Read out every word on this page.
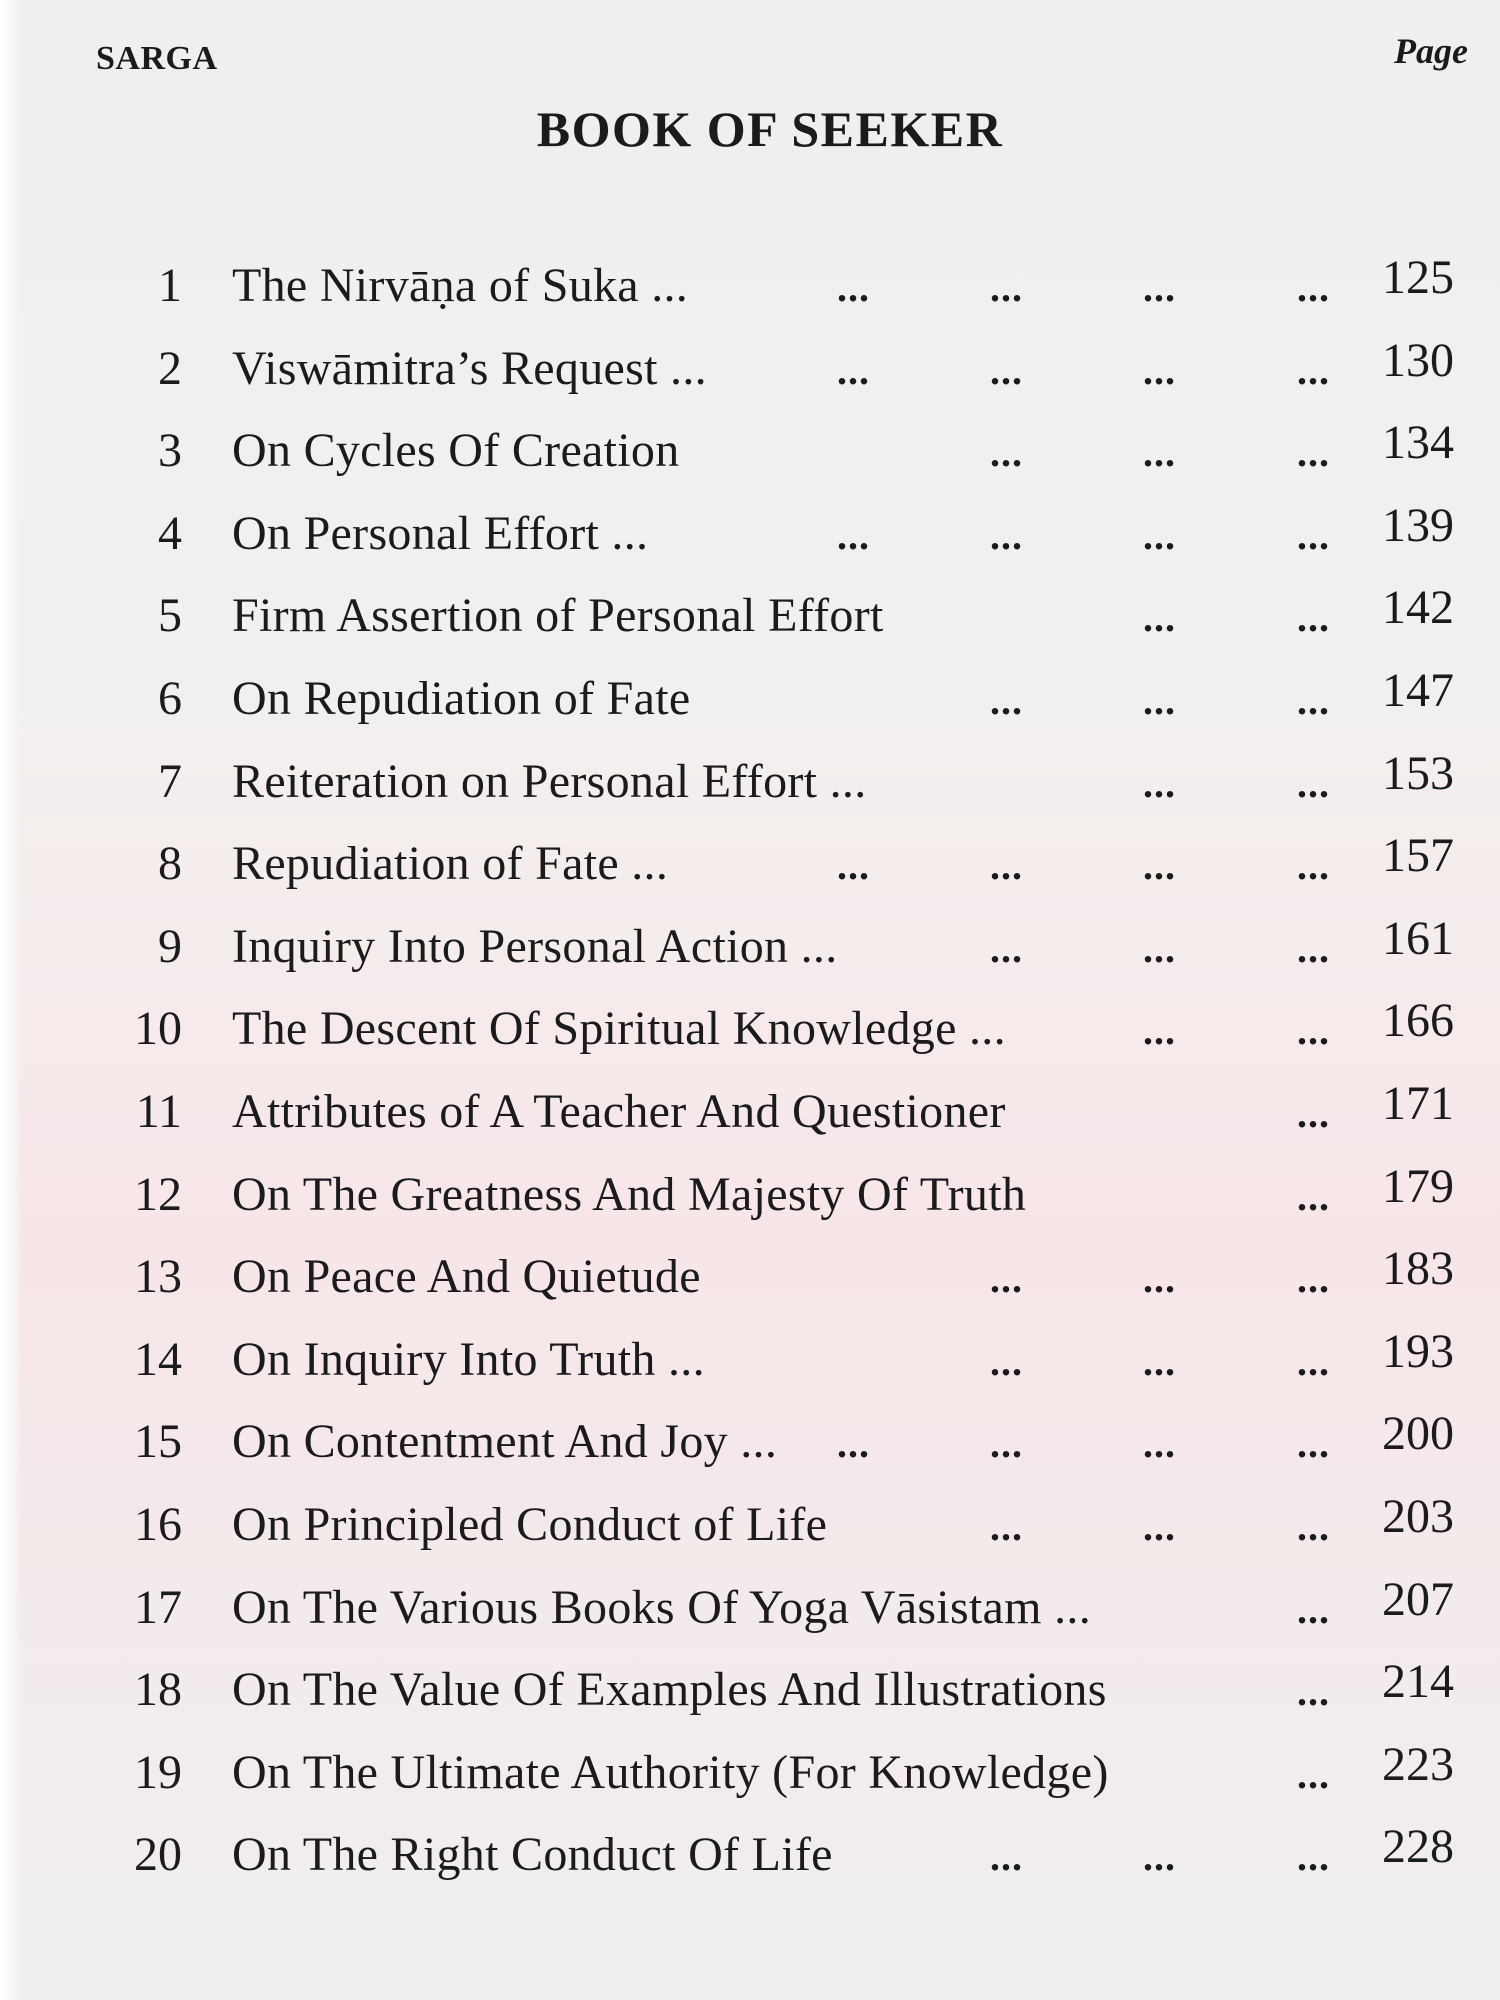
SARGA	Page
BOOK OF SEEKER
1 The Nirvāṇa of Suka ...	...	...	...	... 125
2 Viswāmitra’s Request ...	...	...	...	... 130
3 On Cycles Of Creation	...	...	... 134
4 On Personal Effort ...	...	...	...	... 139
5 Firm Assertion of Personal Effort	...	... 142
6 On Repudiation of Fate	...	...	... 147
7 Reiteration on Personal Effort ...	...	... 153
8 Repudiation of Fate ...	...	...	...	... 157
9 Inquiry Into Personal Action ...	...	...	... 161
10 The Descent Of Spiritual Knowledge ...	...	... 166
11 Attributes of A Teacher And Questioner	... 171
12 On The Greatness And Majesty Of Truth	... 179
13 On Peace And Quietude	...	...	... 183
14 On Inquiry Into Truth ...	...	...	... 193
15 On Contentment And Joy ... ...	...	...	... 200
16 On Principled Conduct of Life	...	...	... 203
17 On The Various Books Of Yoga Vāsistam ...	... 207
18 On The Value Of Examples And Illustrations	... 214
19 On The Ultimate Authority (For Knowledge)	... 223
20 On The Right Conduct Of Life	...	...	... 228
